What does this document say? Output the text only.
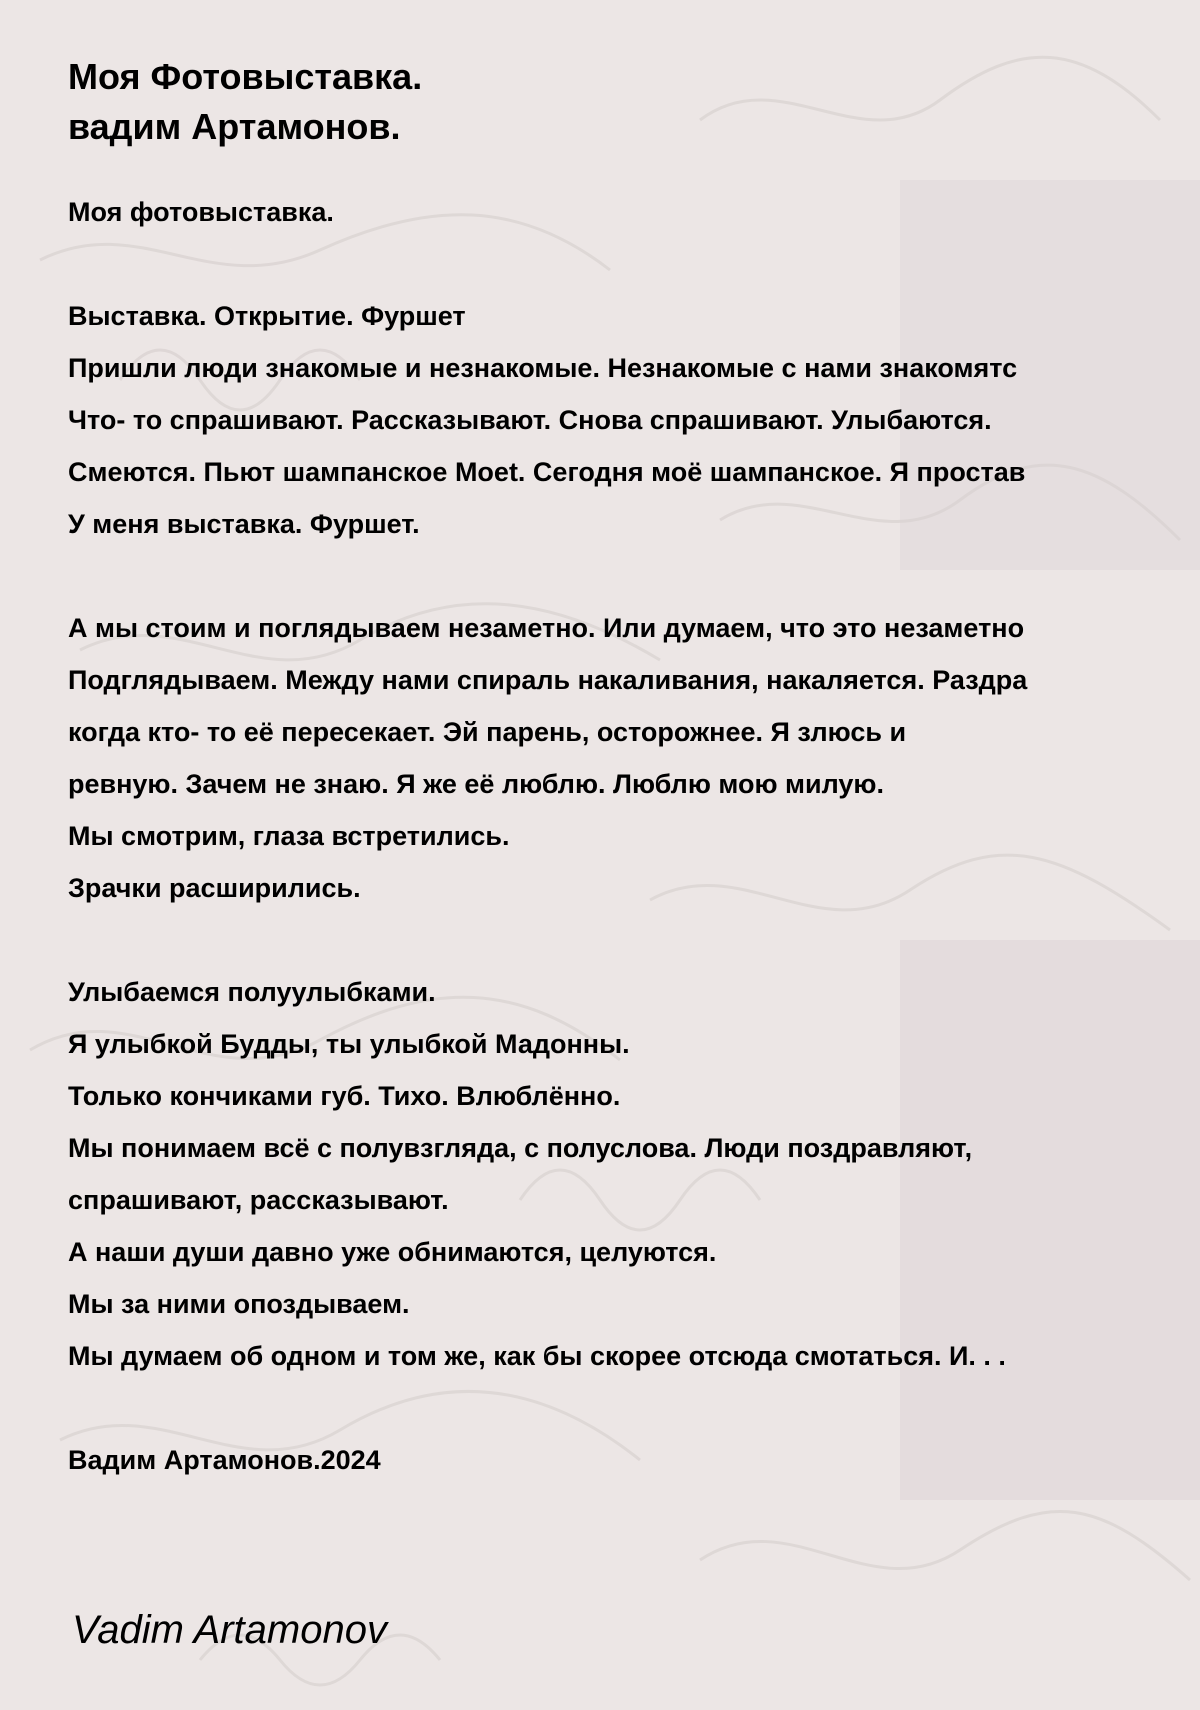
Моя Фотовыставка.
вадим Артамонов.

Моя фотовыставка.

Выставка. Открытие. Фуршет
Пришли люди знакомые и незнакомые. Незнакомые с нами знакомятс
Что- то спрашивают. Рассказывают. Снова спрашивают. Улыбаются.
Смеются. Пьют шампанское Moet. Сегодня моё шампанское. Я простав
У меня выставка. Фуршет.

А мы стоим и поглядываем незаметно. Или думаем, что это незаметно
Подглядываем. Между нами спираль накаливания, накаляется. Раздра
когда кто- то её пересекает. Эй парень, осторожнее. Я злюсь и
ревную. Зачем не знаю. Я же её люблю. Люблю мою милую.
Мы смотрим, глаза встретились.
Зрачки расширились.

Улыбаемся полуулыбками.
Я улыбкой Будды, ты улыбкой Мадонны.
Только кончиками губ. Тихо. Влюблённо.
Мы понимаем всё с полувзгляда, с полуслова. Люди поздравляют,
спрашивают, рассказывают.
А наши души давно уже обнимаются, целуются.
Мы за ними опоздываем.
Мы думаем об одном и том же, как бы скорее отсюда смотаться. И. . .

Вадим Артамонов.2024

Vadim Artamonov
